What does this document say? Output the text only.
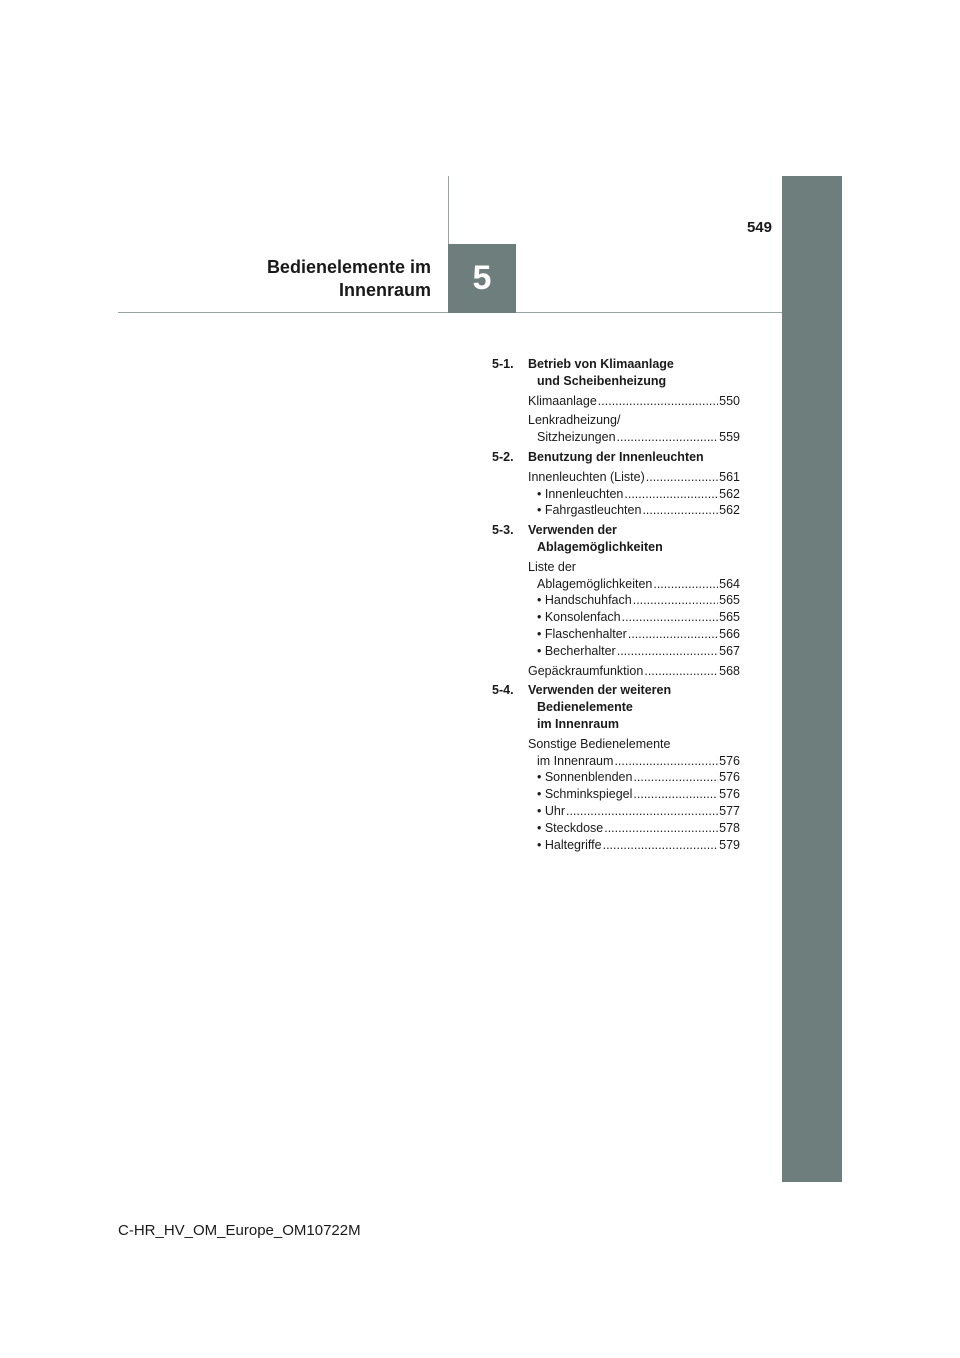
5
549
Bedienelemente im
Innenraum
5-1.	Betrieb von Klimaanlage
und Scheibenheizung
Klimaanlage .....	550
Lenkradheizung/
Sitzheizungen .....	559
5-2.	Benutzung der Innenleuchten
Innenleuchten (Liste) .....	561
• Innenleuchten .....	562
• Fahrgastleuchten .....	562
5-3.	Verwenden der
Ablagemöglichkeiten
Liste der
Ablagemöglichkeiten .....	564
• Handschuhfach .....	565
• Konsolenfach .....	565
• Flaschenhalter .....	566
• Becherhalter .....	567
Gepäckraumfunktion .....	568
5-4.	Verwenden der weiteren
Bedienelemente
im Innenraum
Sonstige Bedienelemente
im Innenraum .....	576
• Sonnenblenden .....	576
• Schminkspiegel .....	576
• Uhr .....	577
• Steckdose .....	578
• Haltegriffe .....	579
C-HR_HV_OM_Europe_OM10722M
